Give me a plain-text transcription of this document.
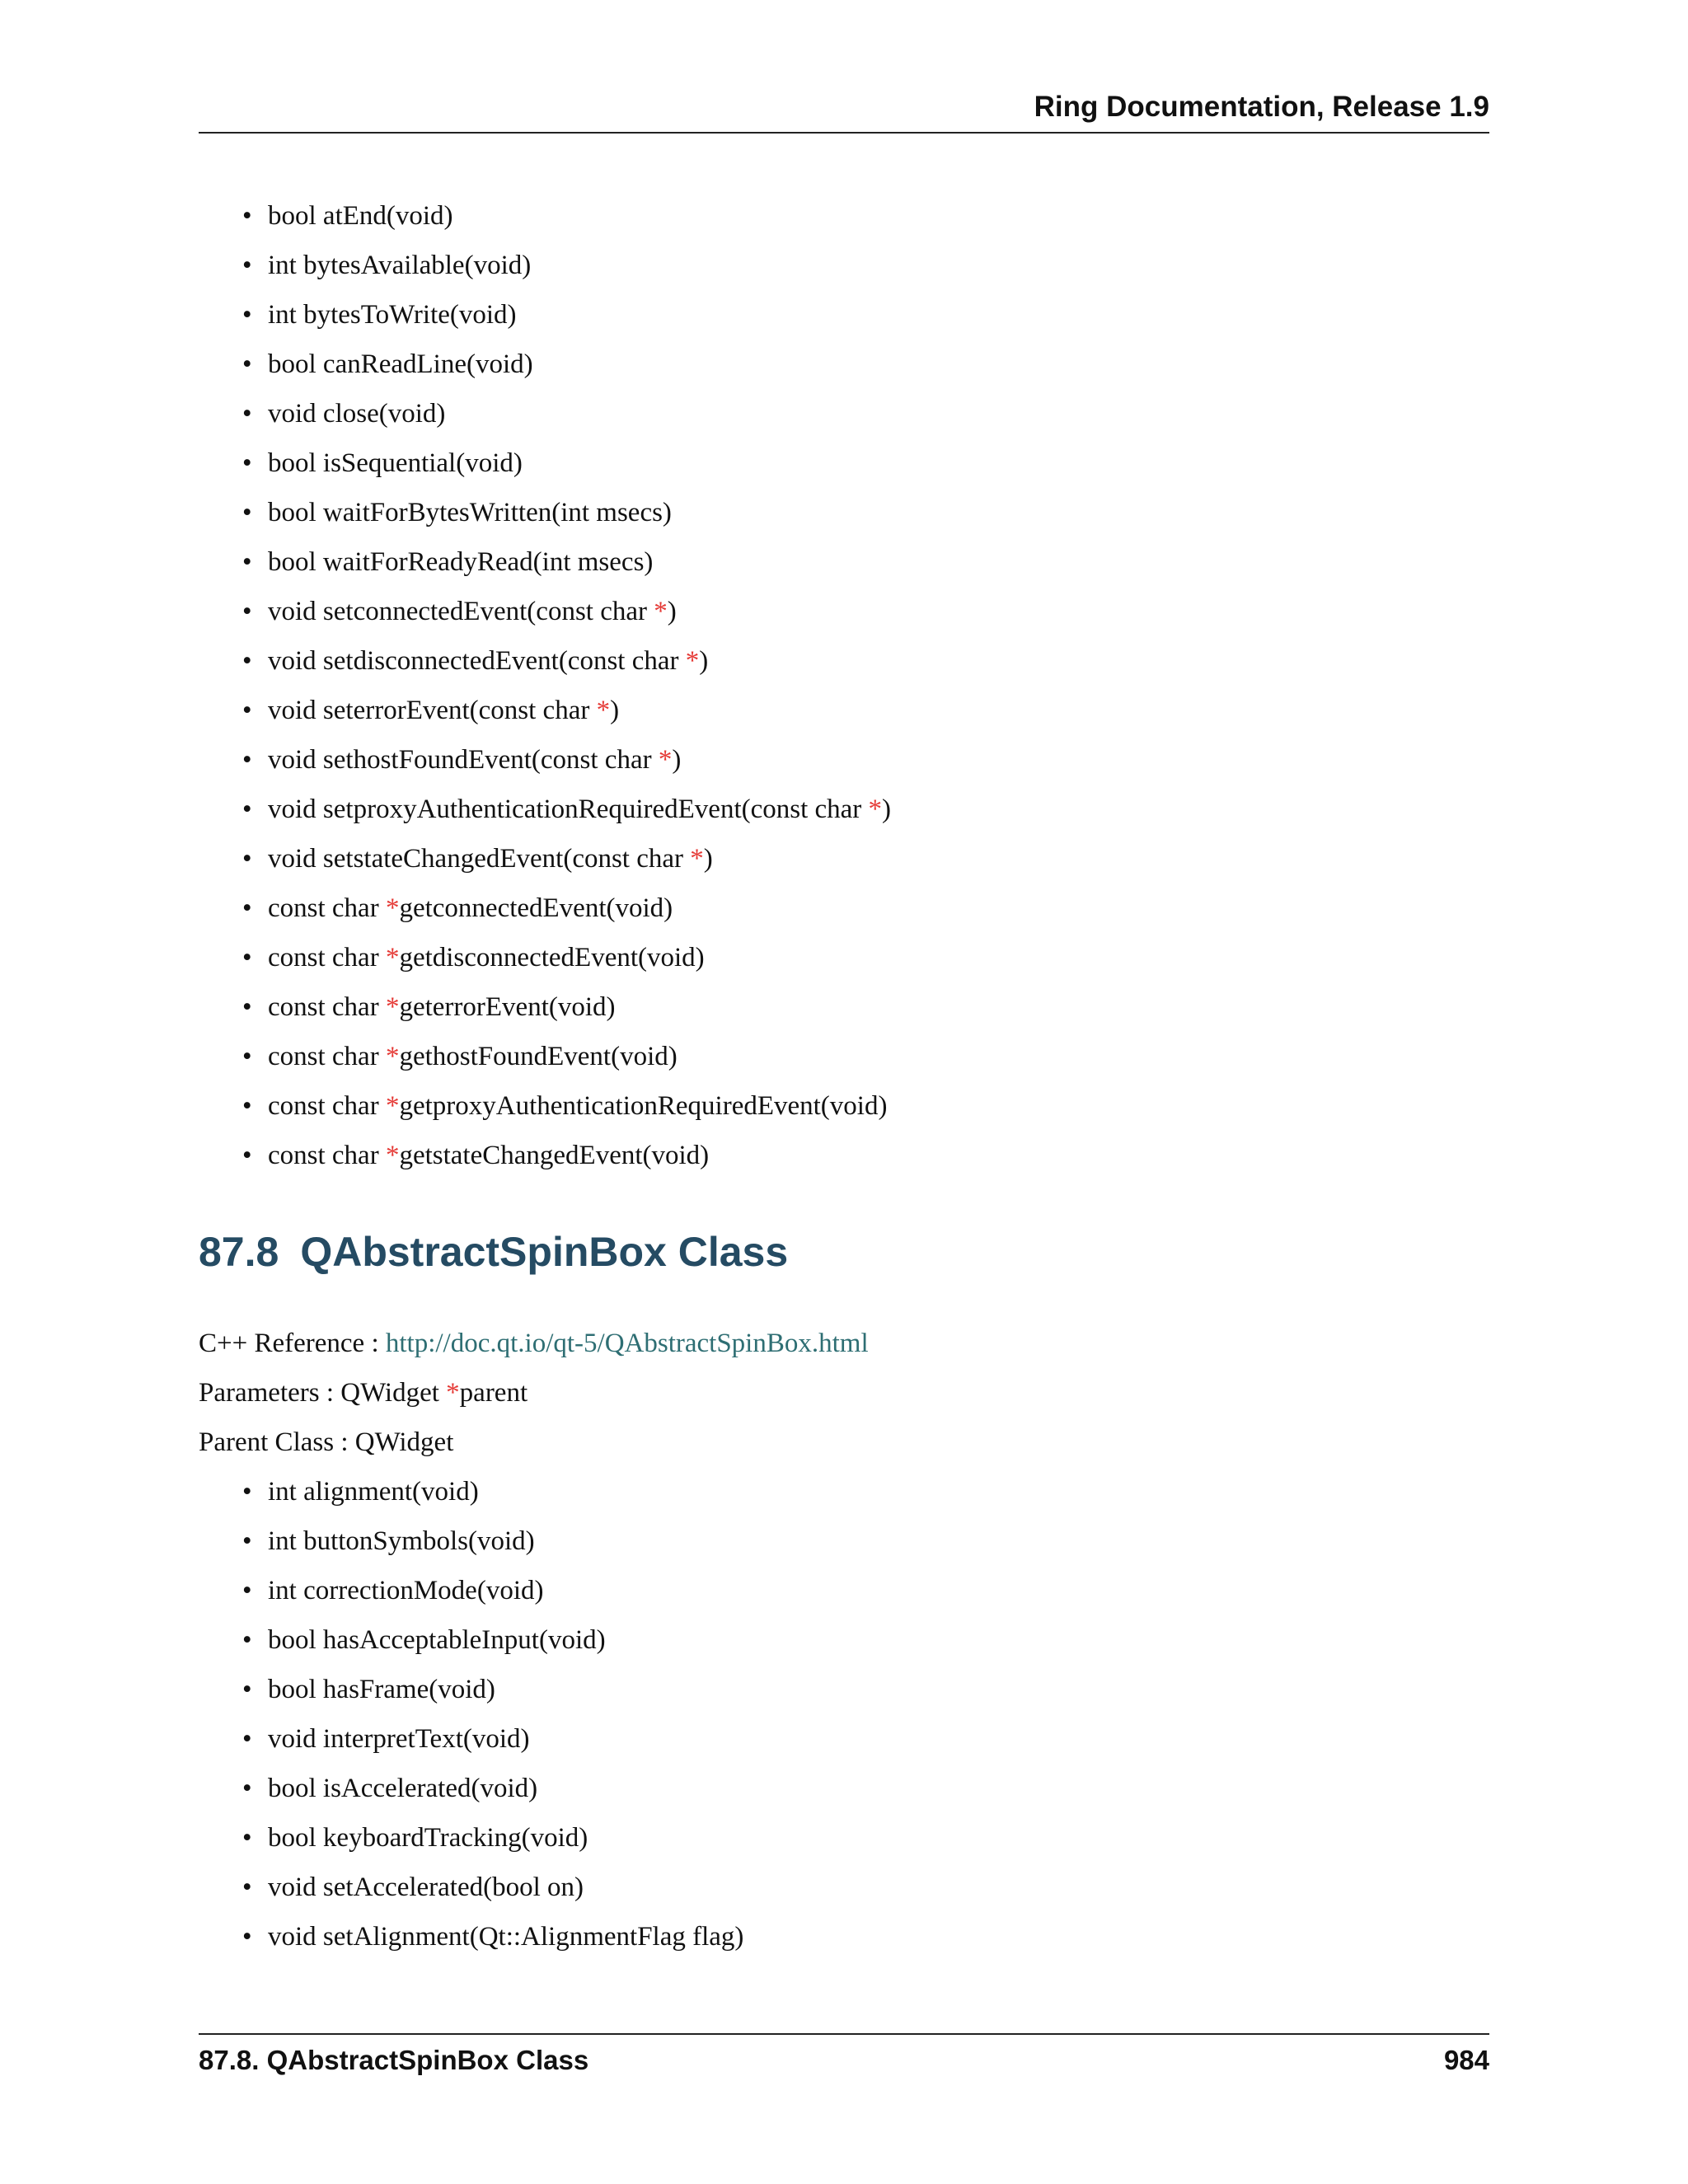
Ring Documentation, Release 1.9
• bool atEnd(void)
• int bytesAvailable(void)
• int bytesToWrite(void)
• bool canReadLine(void)
• void close(void)
• bool isSequential(void)
• bool waitForBytesWritten(int msecs)
• bool waitForReadyRead(int msecs)
• void setconnectedEvent(const char *)
• void setdisconnectedEvent(const char *)
• void seterrorEvent(const char *)
• void sethostFoundEvent(const char *)
• void setproxyAuthenticationRequiredEvent(const char *)
• void setstateChangedEvent(const char *)
• const char *getconnectedEvent(void)
• const char *getdisconnectedEvent(void)
• const char *geterrorEvent(void)
• const char *gethostFoundEvent(void)
• const char *getproxyAuthenticationRequiredEvent(void)
• const char *getstateChangedEvent(void)
87.8 QAbstractSpinBox Class
C++ Reference : http://doc.qt.io/qt-5/QAbstractSpinBox.html
Parameters : QWidget *parent
Parent Class : QWidget
• int alignment(void)
• int buttonSymbols(void)
• int correctionMode(void)
• bool hasAcceptableInput(void)
• bool hasFrame(void)
• void interpretText(void)
• bool isAccelerated(void)
• bool keyboardTracking(void)
• void setAccelerated(bool on)
• void setAlignment(Qt::AlignmentFlag flag)
87.8. QAbstractSpinBox Class	984
